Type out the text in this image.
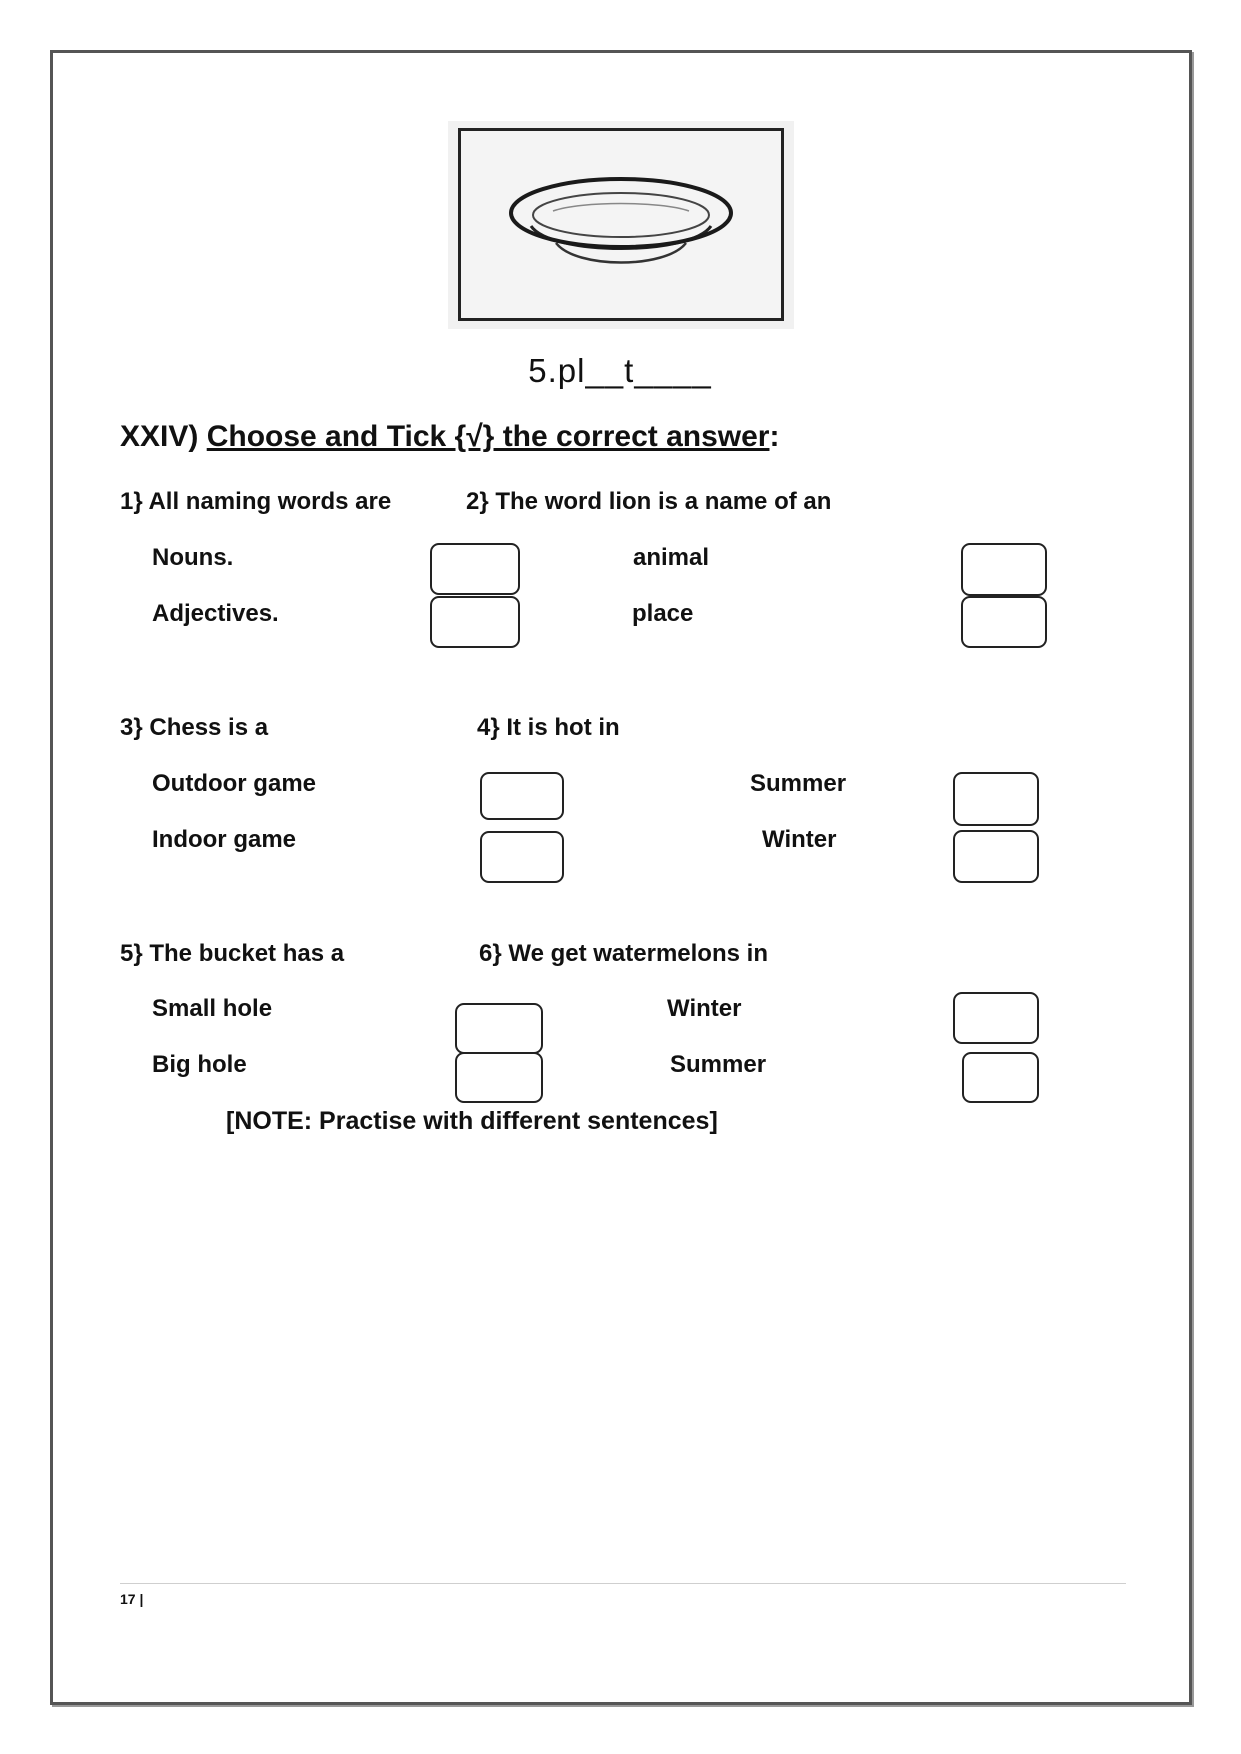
5.pl__t____
XXIV) Choose and Tick {√} the correct answer:
1} All naming words are
Nouns.
Adjectives.
2} The word lion is a name of an
animal
place
3} Chess is a
Outdoor game
Indoor game
4} It is hot in
Summer
Winter
5} The bucket has a
Small hole
Big hole
6} We get watermelons in
Winter
Summer
[NOTE: Practise with different sentences]
17 |
